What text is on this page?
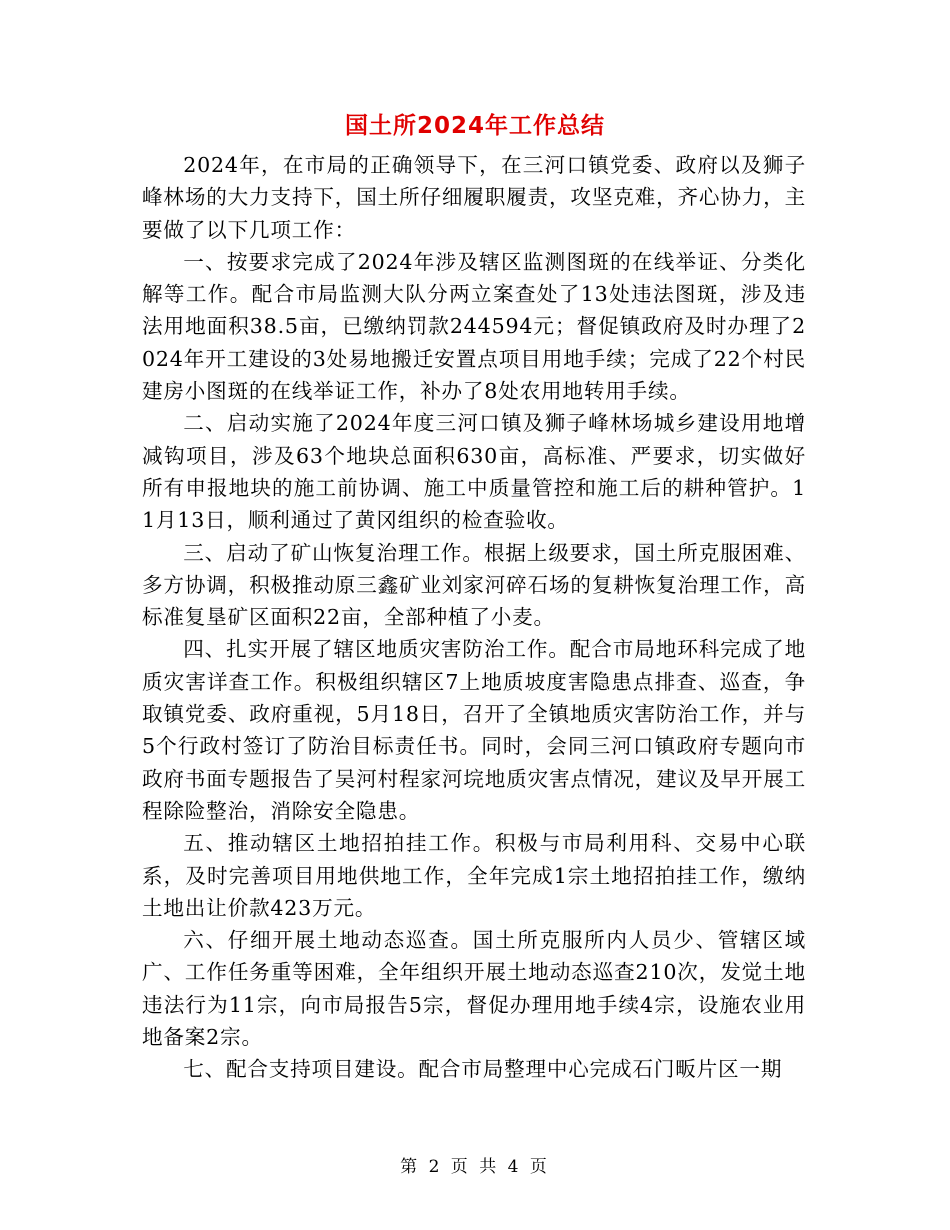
国土所2024年工作总结

2024年，在市局的正确领导下，在三河口镇党委、政府以及狮子峰林场的大力支持下，国土所仔细履职履责，攻坚克难，齐心协力，主要做了以下几项工作：

一、按要求完成了2024年涉及辖区监测图斑的在线举证、分类化解等工作。配合市局监测大队分两立案查处了13处违法图斑，涉及违法用地面积38.5亩，已缴纳罚款244594元；督促镇政府及时办理了2024年开工建设的3处易地搬迁安置点项目用地手续；完成了22个村民建房小图斑的在线举证工作，补办了8处农用地转用手续。

二、启动实施了2024年度三河口镇及狮子峰林场城乡建设用地增减钩项目，涉及63个地块总面积630亩，高标准、严要求，切实做好所有申报地块的施工前协调、施工中质量管控和施工后的耕种管护。11月13日，顺利通过了黄冈组织的检查验收。

三、启动了矿山恢复治理工作。根据上级要求，国土所克服困难、多方协调，积极推动原三鑫矿业刘家河碎石场的复耕恢复治理工作，高标准复垦矿区面积22亩，全部种植了小麦。

四、扎实开展了辖区地质灾害防治工作。配合市局地环科完成了地质灾害详查工作。积极组织辖区7上地质坡度害隐患点排查、巡查，争取镇党委、政府重视，5月18日，召开了全镇地质灾害防治工作，并与5个行政村签订了防治目标责任书。同时，会同三河口镇政府专题向市政府书面专题报告了吴河村程家河垸地质灾害点情况，建议及早开展工程除险整治，消除安全隐患。

五、推动辖区土地招拍挂工作。积极与市局利用科、交易中心联系，及时完善项目用地供地工作，全年完成1宗土地招拍挂工作，缴纳土地出让价款423万元。

六、仔细开展土地动态巡查。国土所克服所内人员少、管辖区域广、工作任务重等困难，全年组织开展土地动态巡查210次，发觉土地违法行为11宗，向市局报告5宗，督促办理用地手续4宗，设施农业用地备案2宗。

七、配合支持项目建设。配合市局整理中心完成石门畈片区一期

第 2 页 共 4 页
